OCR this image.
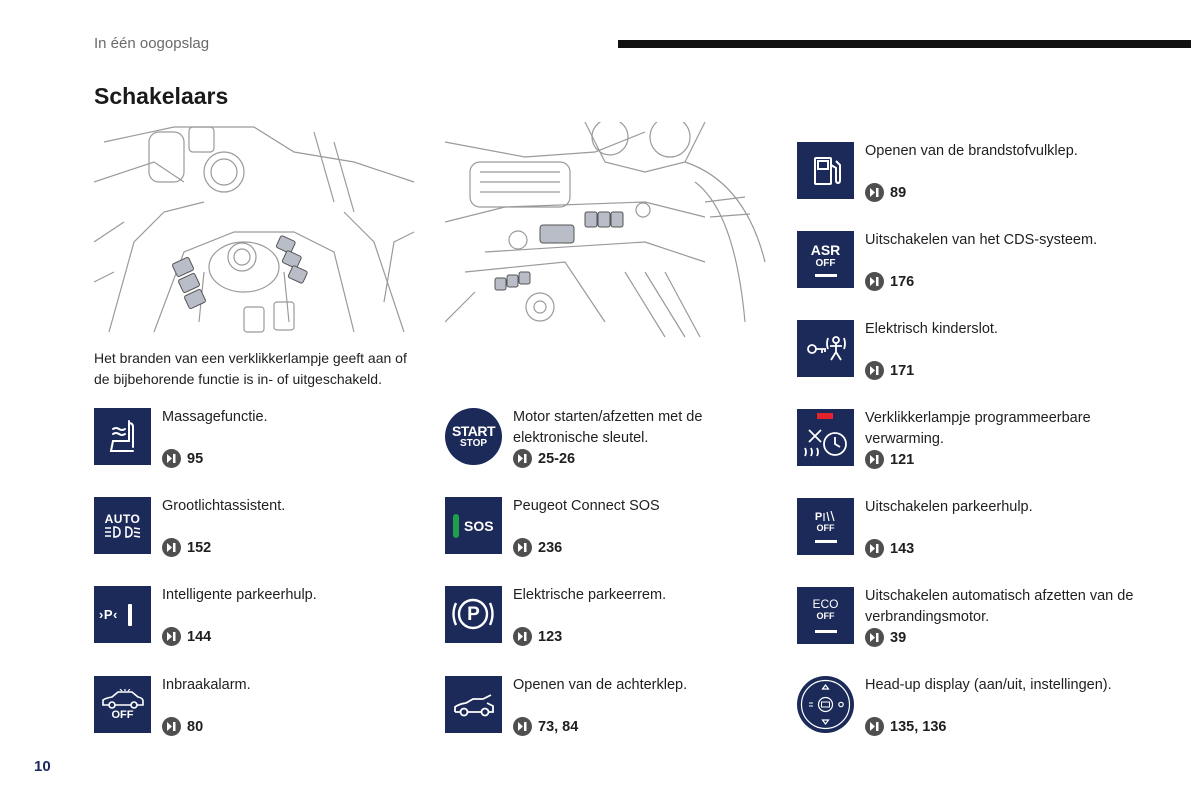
In één oogopslag
Schakelaars
Het branden van een verklikkerlampje geeft aan of de bijbehorende functie is in- of uitgeschakeld.
Massagefunctie.
95
AUTO
Grootlichtassistent.
152
›P‹
Intelligente parkeerhulp.
144
OFF
Inbraakalarm.
80
START
STOP
Motor starten/afzetten met de elektronische sleutel.
25-26
SOS
Peugeot Connect SOS
236
P
Elektrische parkeerrem.
123
Openen van de achterklep.
73, 84
Openen van de brandstofvulklep.
89
ASR
OFF
Uitschakelen van het CDS-systeem.
176
Elektrisch kinderslot.
171
Verklikkerlampje programmeerbare verwarming.
121
P
OFF
Uitschakelen parkeerhulp.
143
ECO
OFF
Uitschakelen automatisch afzetten van de verbrandingsmotor.
39
Head-up display (aan/uit, instellingen).
135, 136
10
